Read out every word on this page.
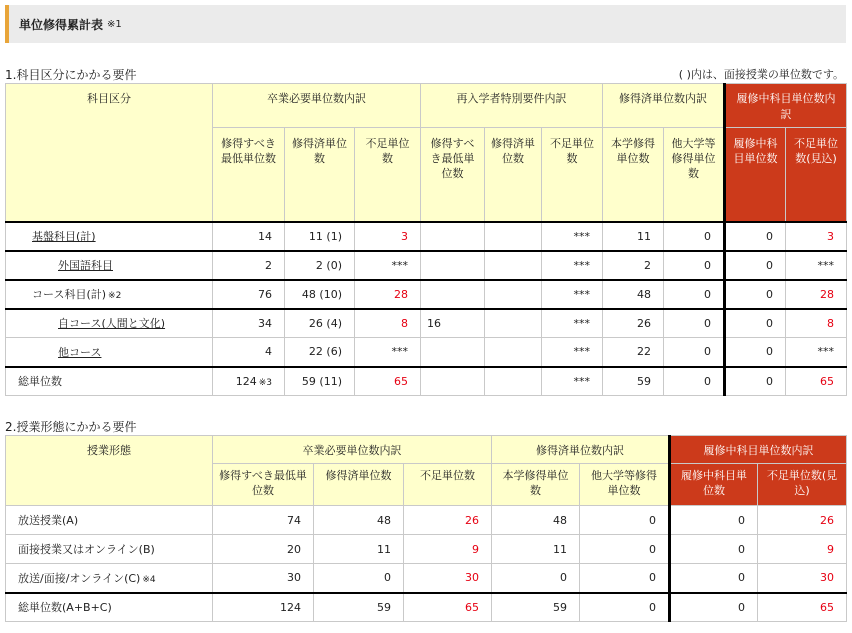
単位修得累計表 ※1
1.科目区分にかかる要件	( )内は、面接授業の単位数です。
科目区分	卒業必要単位数内訳			再入学者特別要件内訳			修得済単位数内訳		履修中科目単位数内訳	
	修得すべき最低単位数	修得済単位数	不足単位数	修得すべき最低単位数	修得済単位数	不足単位数	本学修得単位数	他大学等修得単位数	履修中科目単位数	不足単位数(見込)
基盤科目(計)	14	11 (1)	3			***	11	0	0	3
外国語科目	2	2 (0)	***			***	2	0	0	***
コース科目(計) ※2	76	48 (10)	28			***	48	0	0	28
自コース(人間と文化)	34	26 (4)	8	16		***	26	0	0	8
他コース	4	22 (6)	***			***	22	0	0	***
総単位数	124 ※3	59 (11)	65			***	59	0	0	65
2.授業形態にかかる要件
授業形態	卒業必要単位数内訳			修得済単位数内訳		履修中科目単位数内訳	
	修得すべき最低単位数	修得済単位数	不足単位数	本学修得単位数	他大学等修得単位数	履修中科目単位数	不足単位数(見込)
放送授業(A)	74	48	26	48	0	0	26
面接授業又はオンライン(B)	20	11	9	11	0	0	9
放送/面接/オンライン(C) ※4	30	0	30	0	0	0	30
総単位数(A+B+C)	124	59	65	59	0	0	65
